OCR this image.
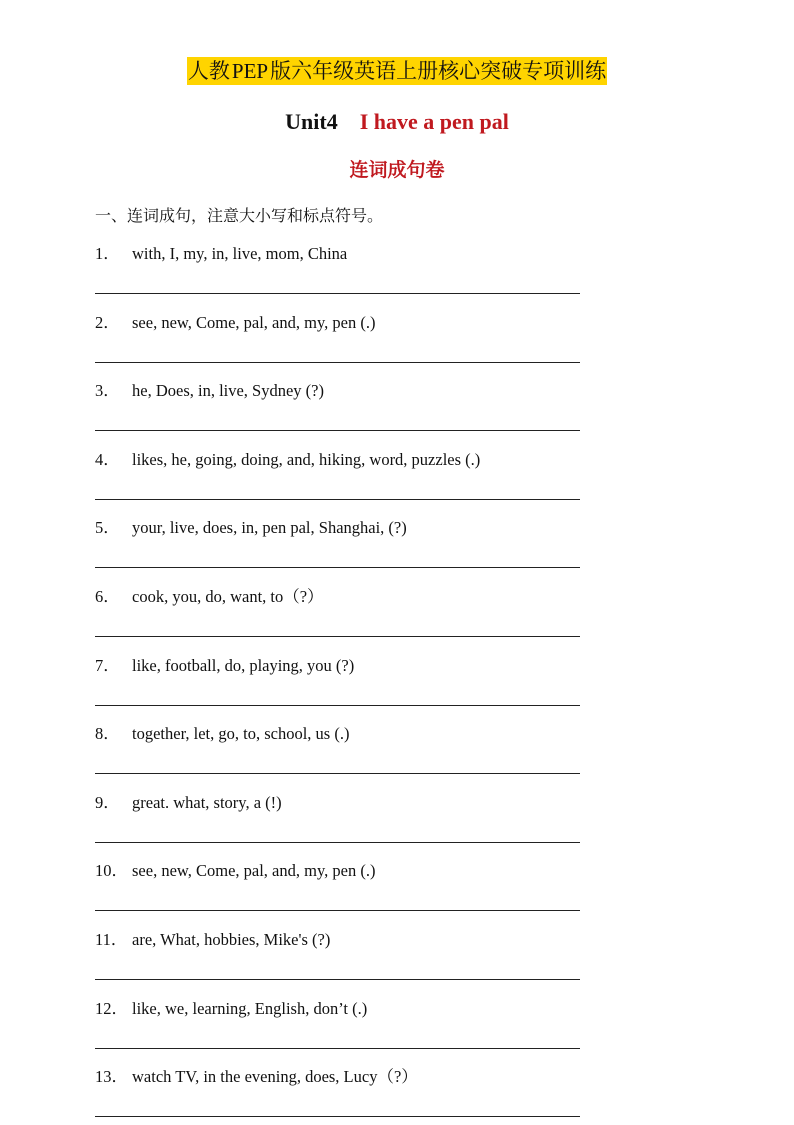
人教PEP版六年级英语上册核心突破专项训练
Unit4 I have a pen pal
连词成句卷
一、连词成句，注意大小写和标点符号。
1． with, I, my, in, live, mom, China
2． see, new, Come, pal, and, my, pen (.)
3． he, Does, in, live, Sydney (?)
4． likes, he, going, doing, and, hiking, word, puzzles (.)
5． your, live, does, in, pen pal, Shanghai, (?)
6． cook, you, do, want, to（?）
7． like, football, do, playing, you (?)
8． together, let, go, to, school, us (.)
9． great. what, story, a (!)
10． see, new, Come, pal, and, my, pen (.)
11． are, What, hobbies, Mike's (?)
12． like, we, learning, English, don’t (.)
13． watch TV, in the evening, does, Lucy（?）
